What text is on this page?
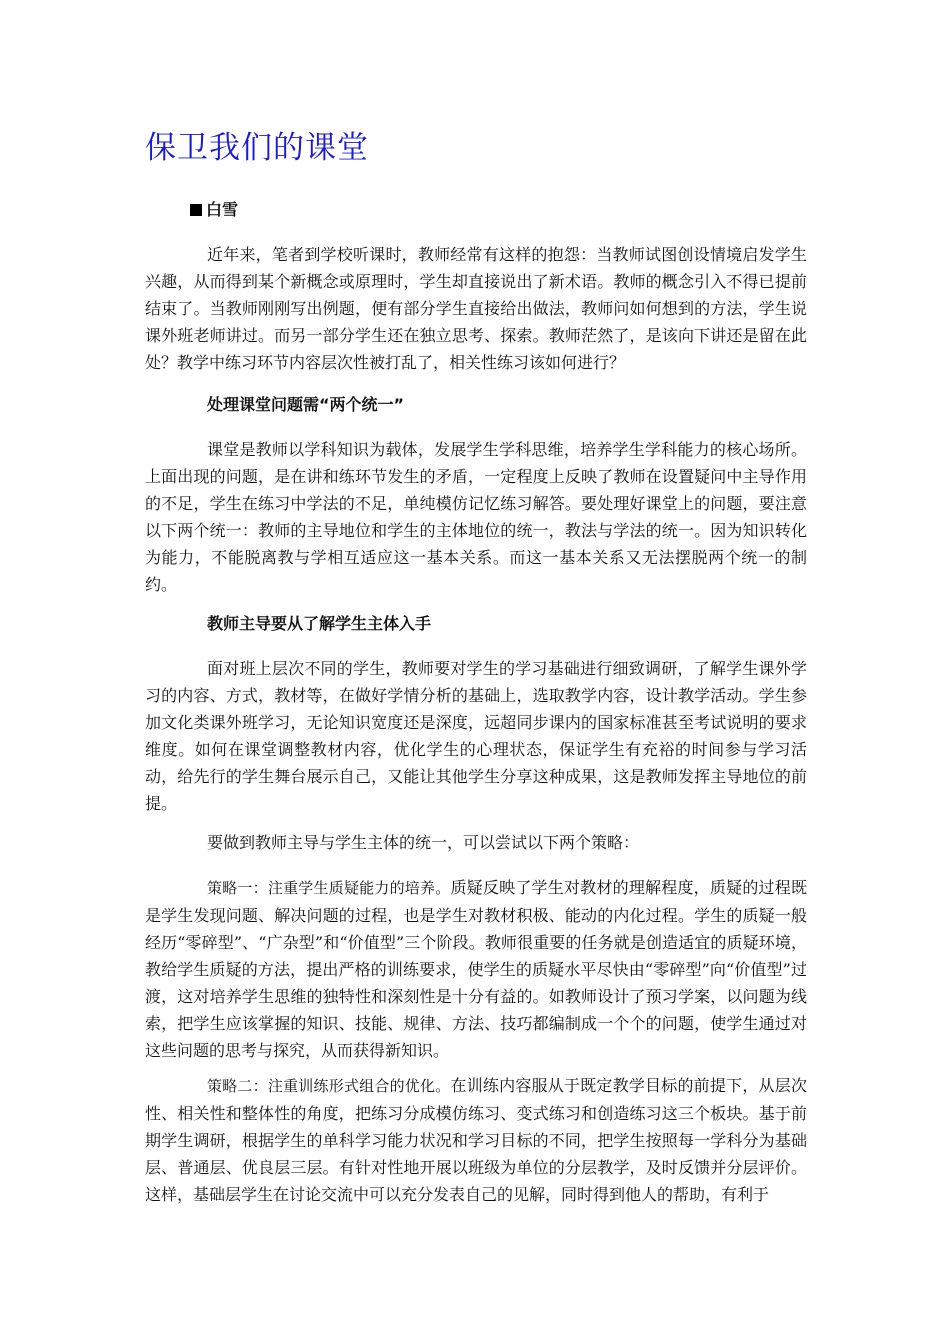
保卫我们的课堂
白雪

近年来，笔者到学校听课时，教师经常有这样的抱怨：当教师试图创设情境启发学生兴趣，从而得到某个新概念或原理时，学生却直接说出了新术语。教师的概念引入不得已提前结束了。当教师刚刚写出例题，便有部分学生直接给出做法，教师问如何想到的方法，学生说课外班老师讲过。而另一部分学生还在独立思考、探索。教师茫然了，是该向下讲还是留在此处？教学中练习环节内容层次性被打乱了，相关性练习该如何进行？

处理课堂问题需“两个统一”

课堂是教师以学科知识为载体，发展学生学科思维，培养学生学科能力的核心场所。上面出现的问题，是在讲和练环节发生的矛盾，一定程度上反映了教师在设置疑问中主导作用的不足，学生在练习中学法的不足，单纯模仿记忆练习解答。要处理好课堂上的问题，要注意以下两个统一：教师的主导地位和学生的主体地位的统一，教法与学法的统一。因为知识转化为能力，不能脱离教与学相互适应这一基本关系。而这一基本关系又无法摆脱两个统一的制约。

教师主导要从了解学生主体入手

面对班上层次不同的学生，教师要对学生的学习基础进行细致调研，了解学生课外学习的内容、方式，教材等，在做好学情分析的基础上，选取教学内容，设计教学活动。学生参加文化类课外班学习，无论知识宽度还是深度，远超同步课内的国家标准甚至考试说明的要求维度。如何在课堂调整教材内容，优化学生的心理状态，保证学生有充裕的时间参与学习活动，给先行的学生舞台展示自己，又能让其他学生分享这种成果，这是教师发挥主导地位的前提。

要做到教师主导与学生主体的统一，可以尝试以下两个策略：

策略一：注重学生质疑能力的培养。质疑反映了学生对教材的理解程度，质疑的过程既是学生发现问题、解决问题的过程，也是学生对教材积极、能动的内化过程。学生的质疑一般经历“零碎型”、“广杂型”和“价值型”三个阶段。教师很重要的任务就是创造适宜的质疑环境，教给学生质疑的方法，提出严格的训练要求，使学生的质疑水平尽快由“零碎型”向“价值型”过渡，这对培养学生思维的独特性和深刻性是十分有益的。如教师设计了预习学案，以问题为线索，把学生应该掌握的知识、技能、规律、方法、技巧都编制成一个个的问题，使学生通过对这些问题的思考与探究，从而获得新知识。

策略二：注重训练形式组合的优化。在训练内容服从于既定教学目标的前提下，从层次性、相关性和整体性的角度，把练习分成模仿练习、变式练习和创造练习这三个板块。基于前期学生调研，根据学生的单科学习能力状况和学习目标的不同，把学生按照每一学科分为基础层、普通层、优良层三层。有针对性地开展以班级为单位的分层教学，及时反馈并分层评价。这样，基础层学生在讨论交流中可以充分发表自己的见解，同时得到他人的帮助，有利于
